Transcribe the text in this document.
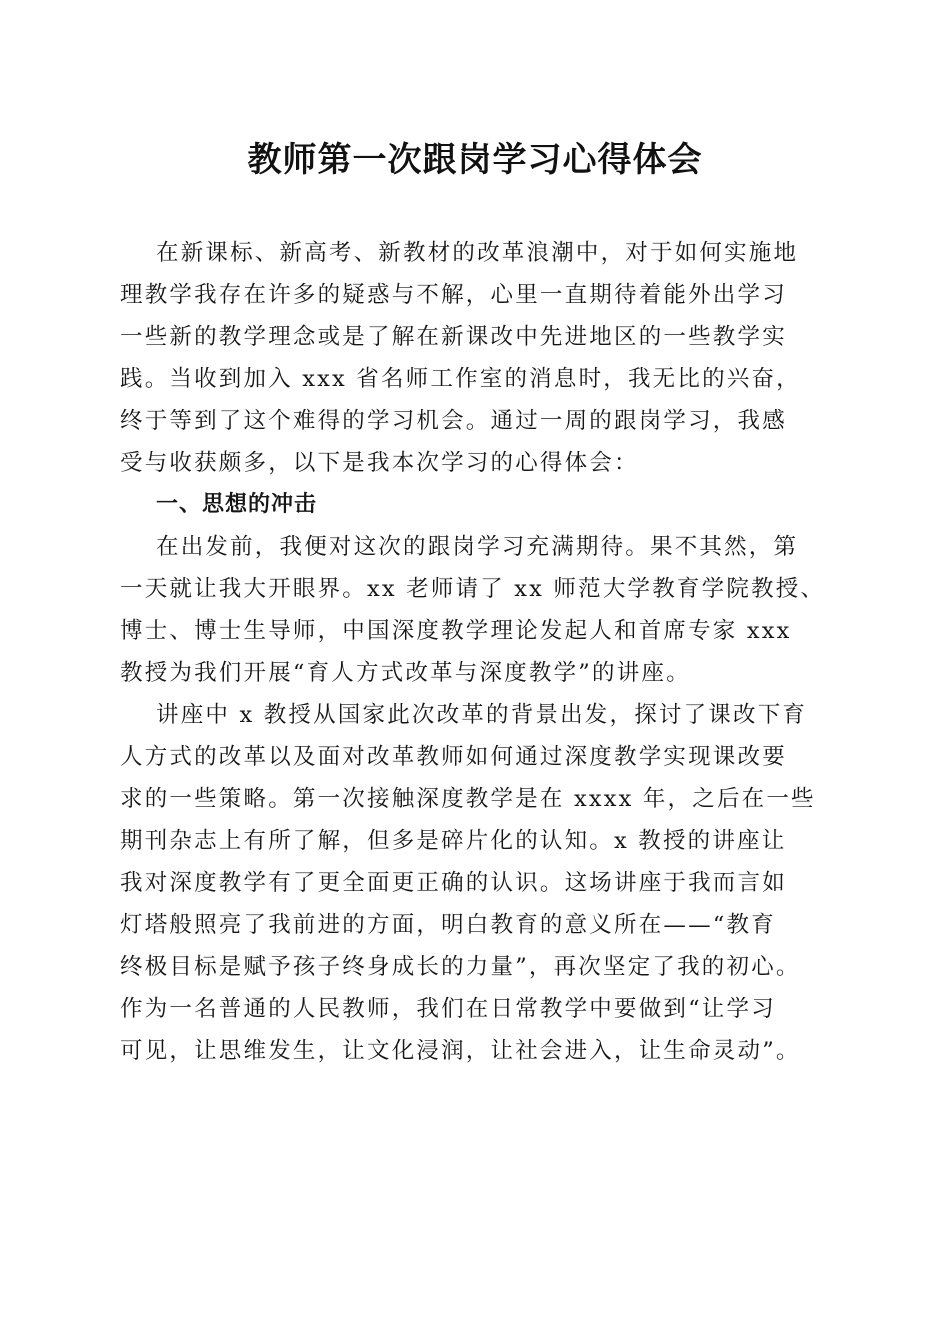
教师第一次跟岗学习心得体会
在新课标、新高考、新教材的改革浪潮中，对于如何实施地
理教学我存在许多的疑惑与不解，心里一直期待着能外出学习
一些新的教学理念或是了解在新课改中先进地区的一些教学实
践。当收到加入 xxx 省名师工作室的消息时，我无比的兴奋，
终于等到了这个难得的学习机会。通过一周的跟岗学习，我感
受与收获颇多，以下是我本次学习的心得体会：
一、思想的冲击
在出发前，我便对这次的跟岗学习充满期待。果不其然，第
一天就让我大开眼界。xx 老师请了 xx 师范大学教育学院教授、
博士、博士生导师，中国深度教学理论发起人和首席专家 xxx
教授为我们开展“育人方式改革与深度教学”的讲座。
讲座中 x 教授从国家此次改革的背景出发，探讨了课改下育
人方式的改革以及面对改革教师如何通过深度教学实现课改要
求的一些策略。第一次接触深度教学是在 xxxx 年，之后在一些
期刊杂志上有所了解，但多是碎片化的认知。x 教授的讲座让
我对深度教学有了更全面更正确的认识。这场讲座于我而言如
灯塔般照亮了我前进的方面，明白教育的意义所在——“教育
终极目标是赋予孩子终身成长的力量”，再次坚定了我的初心。
作为一名普通的人民教师，我们在日常教学中要做到“让学习
可见，让思维发生，让文化浸润，让社会进入，让生命灵动”。
